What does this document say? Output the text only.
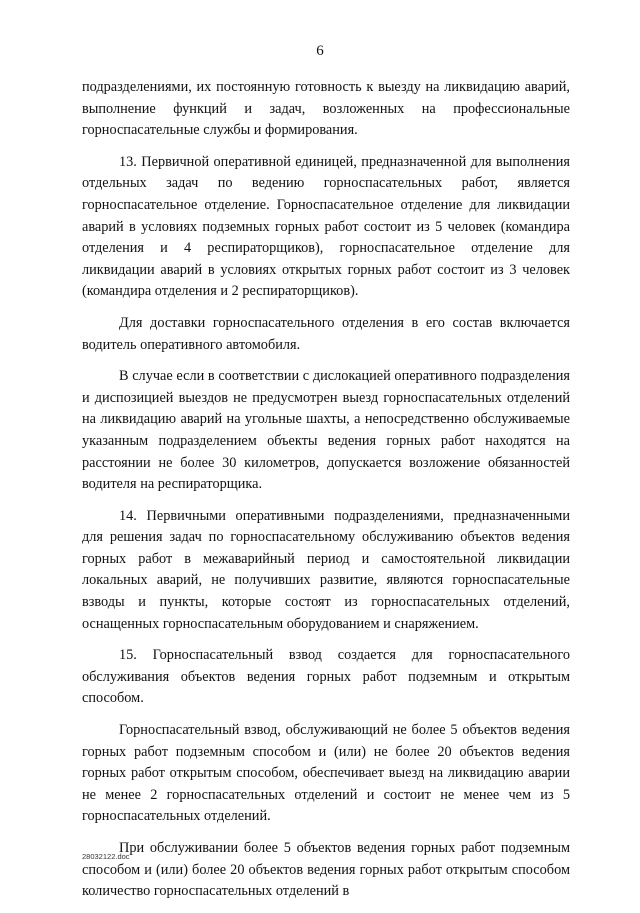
6

подразделениями, их постоянную готовность к выезду на ликвидацию аварий, выполнение функций и задач, возложенных на профессиональные горноспасательные службы и формирования.

13. Первичной оперативной единицей, предназначенной для выполнения отдельных задач по ведению горноспасательных работ, является горноспасательное отделение. Горноспасательное отделение для ликвидации аварий в условиях подземных горных работ состоит из 5 человек (командира отделения и 4 респираторщиков), горноспасательное отделение для ликвидации аварий в условиях открытых горных работ состоит из 3 человек (командира отделения и 2 респираторщиков).

Для доставки горноспасательного отделения в его состав включается водитель оперативного автомобиля.

В случае если в соответствии с дислокацией оперативного подразделения и диспозицией выездов не предусмотрен выезд горноспасательных отделений на ликвидацию аварий на угольные шахты, а непосредственно обслуживаемые указанным подразделением объекты ведения горных работ находятся на расстоянии не более 30 километров, допускается возложение обязанностей водителя на респираторщика.

14. Первичными оперативными подразделениями, предназначенными для решения задач по горноспасательному обслуживанию объектов ведения горных работ в межаварийный период и самостоятельной ликвидации локальных аварий, не получивших развитие, являются горноспасательные взводы и пункты, которые состоят из горноспасательных отделений, оснащенных горноспасательным оборудованием и снаряжением.

15. Горноспасательный взвод создается для горноспасательного обслуживания объектов ведения горных работ подземным и открытым способом.

Горноспасательный взвод, обслуживающий не более 5 объектов ведения горных работ подземным способом и (или) не более 20 объектов ведения горных работ открытым способом, обеспечивает выезд на ликвидацию аварии не менее 2 горноспасательных отделений и состоит не менее чем из 5 горноспасательных отделений.

При обслуживании более 5 объектов ведения горных работ подземным способом и (или) более 20 объектов ведения горных работ открытым способом количество горноспасательных отделений в

28032122.doc
